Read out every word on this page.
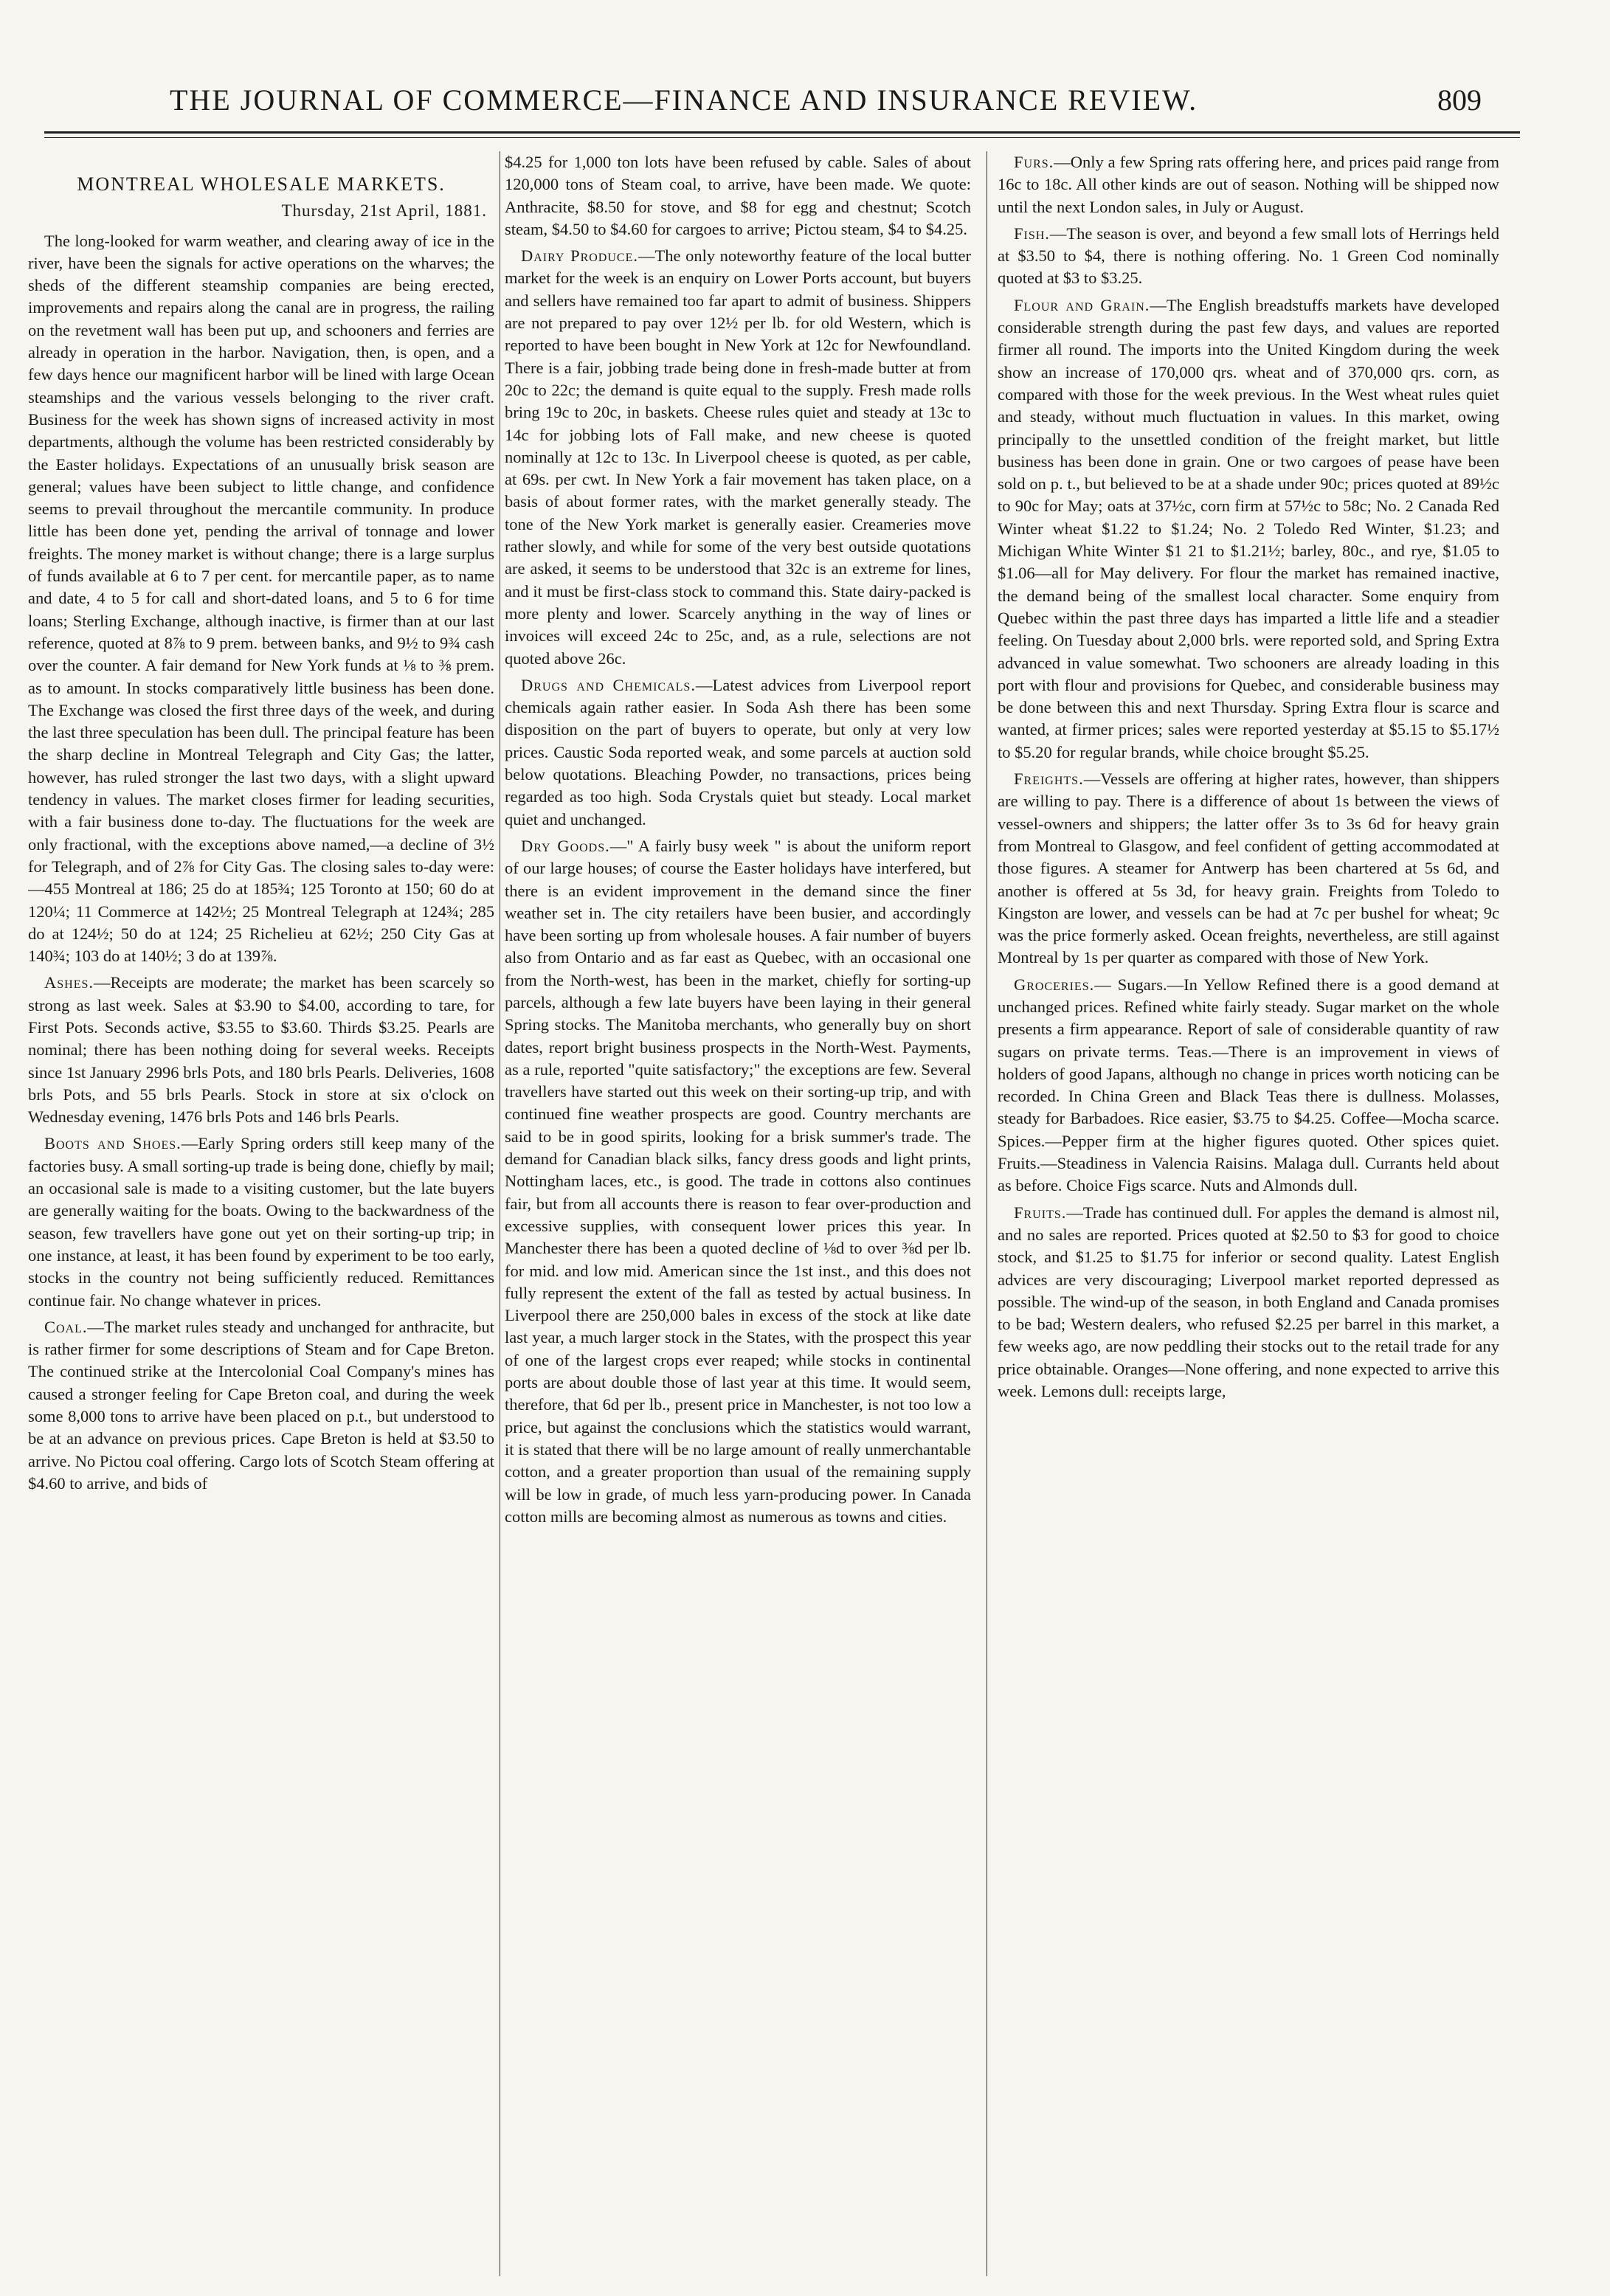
THE JOURNAL OF COMMERCE—FINANCE AND INSURANCE REVIEW.	809
MONTREAL WHOLESALE MARKETS.
Thursday, 21st April, 1881.

The long-looked for warm weather, and clearing away of ice in the river, have been the signals for active operations on the wharves; the sheds of the different steamship companies are being erected, improvements and repairs along the canal are in progress, the railing on the revetment wall has been put up, and schooners and ferries are already in operation in the harbor. Navigation, then, is open, and a few days hence our magnificent harbor will be lined with large Ocean steamships and the various vessels belonging to the river craft. Business for the week has shown signs of increased activity in most departments, although the volume has been restricted considerably by the Easter holidays. Expectations of an unusually brisk season are general; values have been subject to little change, and confidence seems to prevail throughout the mercantile community. In produce little has been done yet, pending the arrival of tonnage and lower freights. The money market is without change; there is a large surplus of funds available at 6 to 7 per cent. for mercantile paper, as to name and date, 4 to 5 for call and short-dated loans, and 5 to 6 for time loans; Sterling Exchange, although inactive, is firmer than at our last reference, quoted at 8⅞ to 9 prem. between banks, and 9½ to 9¾ cash over the counter. A fair demand for New York funds at ⅛ to ⅜ prem. as to amount. In stocks comparatively little business has been done. The Exchange was closed the first three days of the week, and during the last three speculation has been dull. The principal feature has been the sharp decline in Montreal Telegraph and City Gas; the latter, however, has ruled stronger the last two days, with a slight upward tendency in values. The market closes firmer for leading securities, with a fair business done to-day. The fluctuations for the week are only fractional, with the exceptions above named,—a decline of 3½ for Telegraph, and of 2⅞ for City Gas. The closing sales to-day were:—455 Montreal at 186; 25 do at 185¾; 125 Toronto at 150; 60 do at 120¼; 11 Commerce at 142½; 25 Montreal Telegraph at 124¾; 285 do at 124½; 50 do at 124; 25 Richelieu at 62½; 250 City Gas at 140¾; 103 do at 140½; 3 do at 139⅞.

Ashes.—Receipts are moderate; the market has been scarcely so strong as last week. Sales at $3.90 to $4.00, according to tare, for First Pots. Seconds active, $3.55 to $3.60. Thirds $3.25. Pearls are nominal; there has been nothing doing for several weeks. Receipts since 1st January 2996 brls Pots, and 180 brls Pearls. Deliveries, 1608 brls Pots, and 55 brls Pearls. Stock in store at six o'clock on Wednesday evening, 1476 brls Pots and 146 brls Pearls.

Boots and Shoes.—Early Spring orders still keep many of the factories busy. A small sorting-up trade is being done, chiefly by mail; an occasional sale is made to a visiting customer, but the late buyers are generally waiting for the boats. Owing to the backwardness of the season, few travellers have gone out yet on their sorting-up trip; in one instance, at least, it has been found by experiment to be too early, stocks in the country not being sufficiently reduced. Remittances continue fair. No change whatever in prices.

Coal.—The market rules steady and unchanged for anthracite, but is rather firmer for some descriptions of Steam and for Cape Breton. The continued strike at the Intercolonial Coal Company's mines has caused a stronger feeling for Cape Breton coal, and during the week some 8,000 tons to arrive have been placed on p.t., but understood to be at an advance on previous prices. Cape Breton is held at $3.50 to arrive. No Pictou coal offering. Cargo lots of Scotch Steam offering at $4.60 to arrive, and bids of

$4.25 for 1,000 ton lots have been refused by cable. Sales of about 120,000 tons of Steam coal, to arrive, have been made. We quote: Anthracite, $8.50 for stove, and $8 for egg and chestnut; Scotch steam, $4.50 to $4.60 for cargoes to arrive; Pictou steam, $4 to $4.25.

Dairy Produce.—The only noteworthy feature of the local butter market for the week is an enquiry on Lower Ports account, but buyers and sellers have remained too far apart to admit of business. Shippers are not prepared to pay over 12½ per lb. for old Western, which is reported to have been bought in New York at 12c for Newfoundland. There is a fair, jobbing trade being done in fresh-made butter at from 20c to 22c; the demand is quite equal to the supply. Fresh made rolls bring 19c to 20c, in baskets. Cheese rules quiet and steady at 13c to 14c for jobbing lots of Fall make, and new cheese is quoted nominally at 12c to 13c. In Liverpool cheese is quoted, as per cable, at 69s. per cwt. In New York a fair movement has taken place, on a basis of about former rates, with the market generally steady. The tone of the New York market is generally easier. Creameries move rather slowly, and while for some of the very best outside quotations are asked, it seems to be understood that 32c is an extreme for lines, and it must be first-class stock to command this. State dairy-packed is more plenty and lower. Scarcely anything in the way of lines or invoices will exceed 24c to 25c, and, as a rule, selections are not quoted above 26c.

Drugs and Chemicals.—Latest advices from Liverpool report chemicals again rather easier. In Soda Ash there has been some disposition on the part of buyers to operate, but only at very low prices. Caustic Soda reported weak, and some parcels at auction sold below quotations. Bleaching Powder, no transactions, prices being regarded as too high. Soda Crystals quiet but steady. Local market quiet and unchanged.

Dry Goods.—" A fairly busy week " is about the uniform report of our large houses; of course the Easter holidays have interfered, but there is an evident improvement in the demand since the finer weather set in. The city retailers have been busier, and accordingly have been sorting up from wholesale houses. A fair number of buyers also from Ontario and as far east as Quebec, with an occasional one from the North-west, has been in the market, chiefly for sorting-up parcels, although a few late buyers have been laying in their general Spring stocks. The Manitoba merchants, who generally buy on short dates, report bright business prospects in the North-West. Payments, as a rule, reported "quite satisfactory;" the exceptions are few. Several travellers have started out this week on their sorting-up trip, and with continued fine weather prospects are good. Country merchants are said to be in good spirits, looking for a brisk summer's trade. The demand for Canadian black silks, fancy dress goods and light prints, Nottingham laces, etc., is good. The trade in cottons also continues fair, but from all accounts there is reason to fear over-production and excessive supplies, with consequent lower prices this year. In Manchester there has been a quoted decline of ⅛d to over ⅜d per lb. for mid. and low mid. American since the 1st inst., and this does not fully represent the extent of the fall as tested by actual business. In Liverpool there are 250,000 bales in excess of the stock at like date last year, a much larger stock in the States, with the prospect this year of one of the largest crops ever reaped; while stocks in continental ports are about double those of last year at this time. It would seem, therefore, that 6d per lb., present price in Manchester, is not too low a price, but against the conclusions which the statistics would warrant, it is stated that there will be no large amount of really unmerchantable cotton, and a greater proportion than usual of the remaining supply will be low in grade, of much less yarn-producing power. In Canada cotton mills are becoming almost as numerous as towns and cities.

Furs.—Only a few Spring rats offering here, and prices paid range from 16c to 18c. All other kinds are out of season. Nothing will be shipped now until the next London sales, in July or August.

Fish.—The season is over, and beyond a few small lots of Herrings held at $3.50 to $4, there is nothing offering. No. 1 Green Cod nominally quoted at $3 to $3.25.

Flour and Grain.—The English breadstuffs markets have developed considerable strength during the past few days, and values are reported firmer all round. The imports into the United Kingdom during the week show an increase of 170,000 qrs. wheat and of 370,000 qrs. corn, as compared with those for the week previous. In the West wheat rules quiet and steady, without much fluctuation in values. In this market, owing principally to the unsettled condition of the freight market, but little business has been done in grain. One or two cargoes of pease have been sold on p. t., but believed to be at a shade under 90c; prices quoted at 89½c to 90c for May; oats at 37½c, corn firm at 57½c to 58c; No. 2 Canada Red Winter wheat $1.22 to $1.24; No. 2 Toledo Red Winter, $1.23; and Michigan White Winter $1 21 to $1.21½; barley, 80c., and rye, $1.05 to $1.06—all for May delivery. For flour the market has remained inactive, the demand being of the smallest local character. Some enquiry from Quebec within the past three days has imparted a little life and a steadier feeling. On Tuesday about 2,000 brls. were reported sold, and Spring Extra advanced in value somewhat. Two schooners are already loading in this port with flour and provisions for Quebec, and considerable business may be done between this and next Thursday. Spring Extra flour is scarce and wanted, at firmer prices; sales were reported yesterday at $5.15 to $5.17½ to $5.20 for regular brands, while choice brought $5.25.

Freights.—Vessels are offering at higher rates, however, than shippers are willing to pay. There is a difference of about 1s between the views of vessel-owners and shippers; the latter offer 3s to 3s 6d for heavy grain from Montreal to Glasgow, and feel confident of getting accommodated at those figures. A steamer for Antwerp has been chartered at 5s 6d, and another is offered at 5s 3d, for heavy grain. Freights from Toledo to Kingston are lower, and vessels can be had at 7c per bushel for wheat; 9c was the price formerly asked. Ocean freights, nevertheless, are still against Montreal by 1s per quarter as compared with those of New York.

Groceries.— Sugars.—In Yellow Refined there is a good demand at unchanged prices. Refined white fairly steady. Sugar market on the whole presents a firm appearance. Report of sale of considerable quantity of raw sugars on private terms. Teas.—There is an improvement in views of holders of good Japans, although no change in prices worth noticing can be recorded. In China Green and Black Teas there is dullness. Molasses, steady for Barbadoes. Rice easier, $3.75 to $4.25. Coffee—Mocha scarce. Spices.—Pepper firm at the higher figures quoted. Other spices quiet. Fruits.—Steadiness in Valencia Raisins. Malaga dull. Currants held about as before. Choice Figs scarce. Nuts and Almonds dull.

Fruits.—Trade has continued dull. For apples the demand is almost nil, and no sales are reported. Prices quoted at $2.50 to $3 for good to choice stock, and $1.25 to $1.75 for inferior or second quality. Latest English advices are very discouraging; Liverpool market reported depressed as possible. The wind-up of the season, in both England and Canada promises to be bad; Western dealers, who refused $2.25 per barrel in this market, a few weeks ago, are now peddling their stocks out to the retail trade for any price obtainable. Oranges—None offering, and none expected to arrive this week. Lemons dull: receipts large,
